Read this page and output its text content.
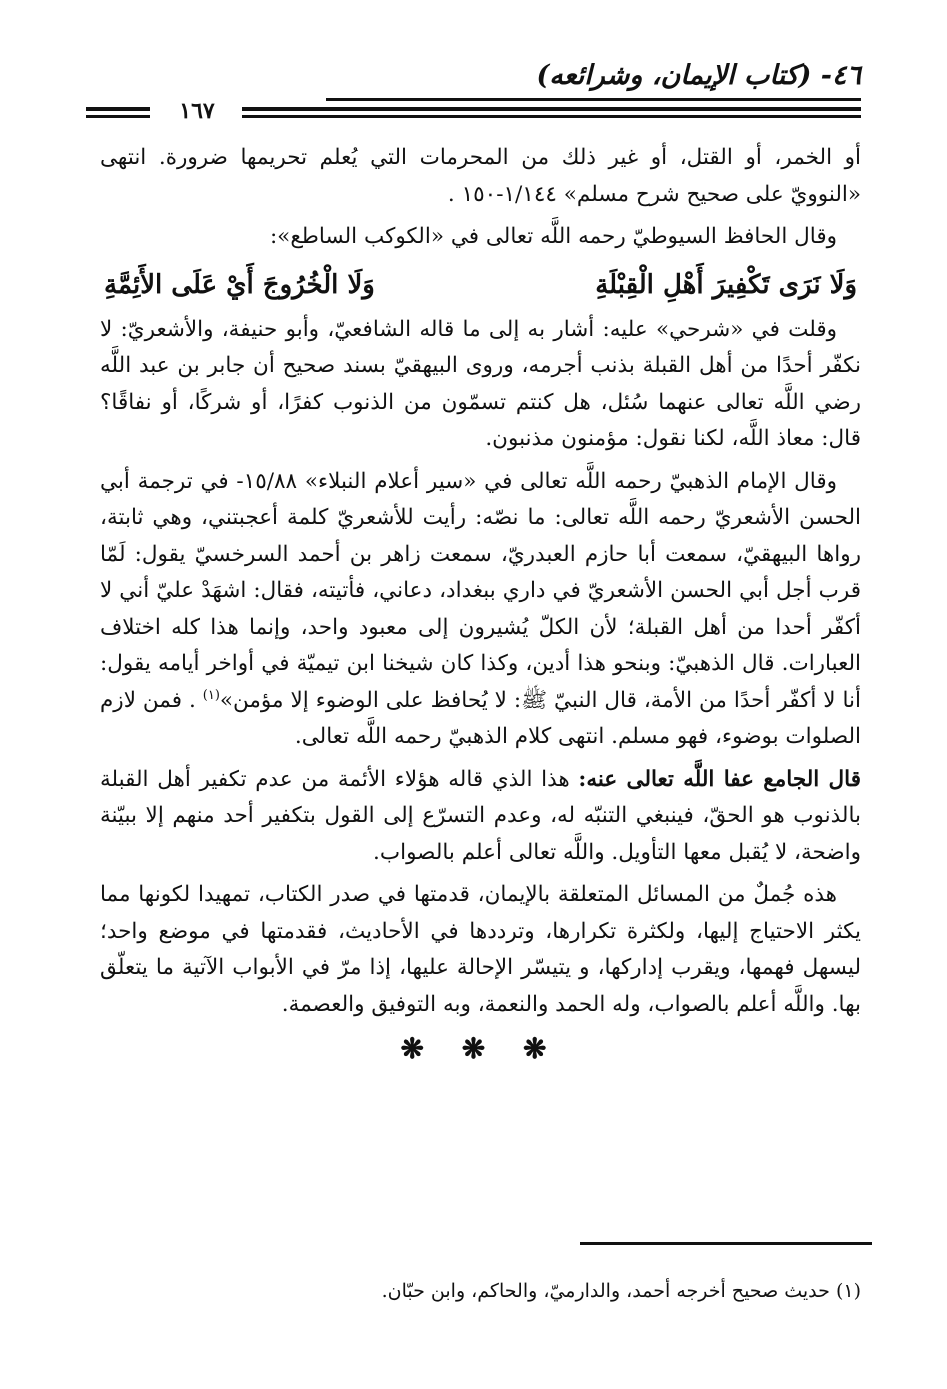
٤٦- (كتاب الإيمان، وشرائعه)
١٦٧

أو الخمر، أو القتل، أو غير ذلك من المحرمات التي يُعلم تحريمها ضرورة. انتهى «النوويّ على صحيح شرح مسلم» ١/١٤٤-١٥٠ .

وقال الحافظ السيوطيّ رحمه اللَّه تعالى في «الكوكب الساطع»:

وَلَا نَرَى تَكْفِيرَ أَهْلِ الْقِبْلَةِ
وَلَا الْخُرُوجَ أَيْ عَلَى الأَئِمَّةِ

وقلت في «شرحي» عليه: أشار به إلى ما قاله الشافعيّ، وأبو حنيفة، والأشعريّ: لا نكفّر أحدًا من أهل القبلة بذنب أجرمه، وروى البيهقيّ بسند صحيح أن جابر بن عبد اللَّه رضي اللَّه تعالى عنهما سُئل، هل كنتم تسمّون من الذنوب كفرًا، أو شركًا، أو نفاقًا؟ قال: معاذ اللَّه، لكنا نقول: مؤمنون مذنبون.

وقال الإمام الذهبيّ رحمه اللَّه تعالى في «سير أعلام النبلاء» ١٥/٨٨- في ترجمة أبي الحسن الأشعريّ رحمه اللَّه تعالى: ما نصّه: رأيت للأشعريّ كلمة أعجبتني، وهي ثابتة، رواها البيهقيّ، سمعت أبا حازم العبدريّ، سمعت زاهر بن أحمد السرخسيّ يقول: لَمّا قرب أجل أبي الحسن الأشعريّ في داري ببغداد، دعاني، فأتيته، فقال: اشهَدْ عليّ أني لا أكفّر أحدا من أهل القبلة؛ لأن الكلّ يُشيرون إلى معبود واحد، وإنما هذا كله اختلاف العبارات. قال الذهبيّ: وبنحو هذا أدين، وكذا كان شيخنا ابن تيميّة في أواخر أيامه يقول: أنا لا أكفّر أحدًا من الأمة، قال النبيّ ﷺ: لا يُحافظ على الوضوء إلا مؤمن»$^{(١)}$ . فمن لازم الصلوات بوضوء، فهو مسلم. انتهى كلام الذهبيّ رحمه اللَّه تعالى.

قال الجامع عفا اللَّه تعالى عنه: هذا الذي قاله هؤلاء الأئمة من عدم تكفير أهل القبلة بالذنوب هو الحقّ، فينبغي التنبّه له، وعدم التسرّع إلى القول بتكفير أحد منهم إلا ببيّنة واضحة، لا يُقبل معها التأويل. واللَّه تعالى أعلم بالصواب.

هذه جُملٌ من المسائل المتعلقة بالإيمان، قدمتها في صدر الكتاب، تمهيدا لكونها مما يكثر الاحتياج إليها، ولكثرة تكرارها، وترددها في الأحاديث، فقدمتها في موضع واحد؛ ليسهل فهمها، ويقرب إداركها، و يتيسّر الإحالة عليها، إذا مرّ في الأبواب الآتية ما يتعلّق بها. واللَّه أعلم بالصواب، وله الحمد والنعمة، وبه التوفيق والعصمة.

❋ ❋ ❋
(١) حديث صحيح أخرجه أحمد، والدارميّ، والحاكم، وابن حبّان.
